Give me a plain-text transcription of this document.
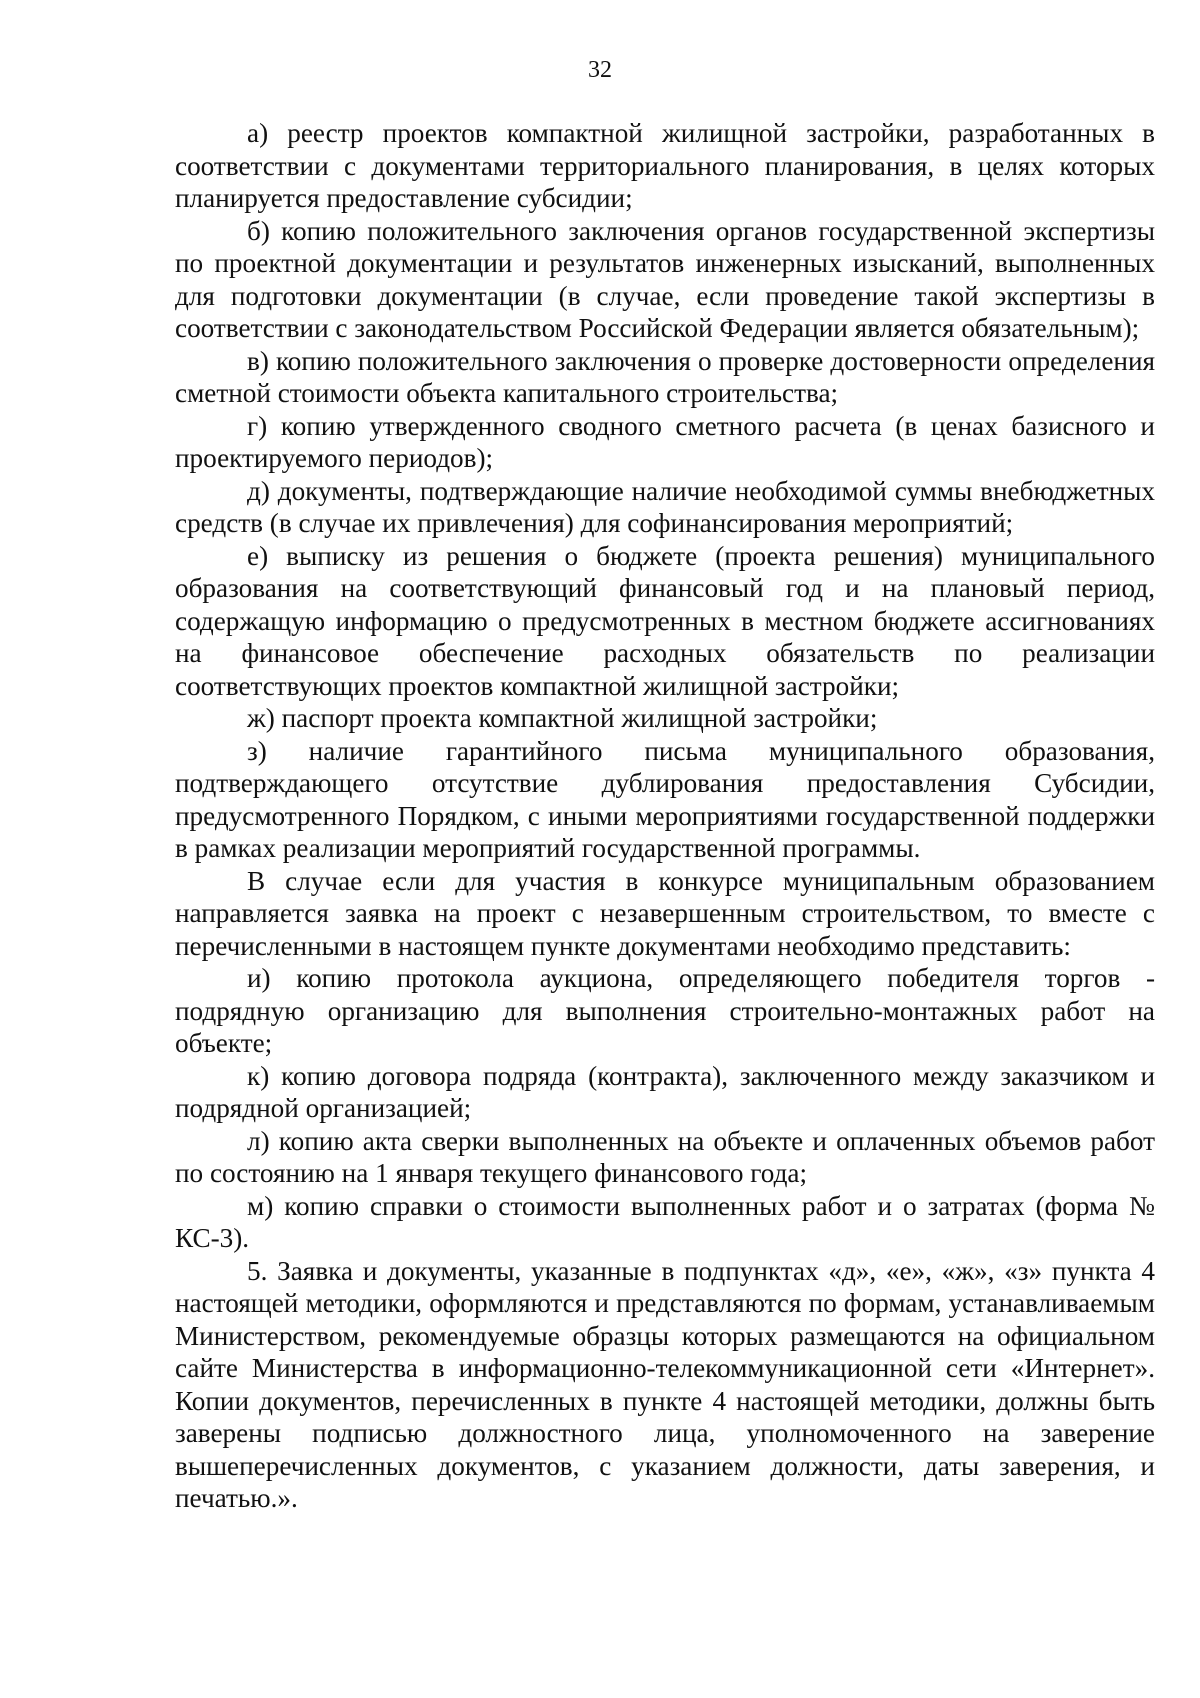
32

а) реестр проектов компактной жилищной застройки, разработанных в соответствии с документами территориального планирования, в целях которых планируется предоставление субсидии;

б) копию положительного заключения органов государственной экспертизы по проектной документации и результатов инженерных изысканий, выполненных для подготовки документации (в случае, если проведение такой экспертизы в соответствии с законодательством Российской Федерации является обязательным);

в) копию положительного заключения о проверке достоверности определения сметной стоимости объекта капитального строительства;

г) копию утвержденного сводного сметного расчета (в ценах базисного и проектируемого периодов);

д) документы, подтверждающие наличие необходимой суммы внебюджетных средств (в случае их привлечения) для софинансирования мероприятий;

е) выписку из решения о бюджете (проекта решения) муниципального образования на соответствующий финансовый год и на плановый период, содержащую информацию о предусмотренных в местном бюджете ассигнованиях на финансовое обеспечение расходных обязательств по реализации соответствующих проектов компактной жилищной застройки;

ж) паспорт проекта компактной жилищной застройки;

з) наличие гарантийного письма муниципального образования, подтверждающего отсутствие дублирования предоставления Субсидии, предусмотренного Порядком, с иными мероприятиями государственной поддержки в рамках реализации мероприятий государственной программы.

В случае если для участия в конкурсе муниципальным образованием направляется заявка на проект с незавершенным строительством, то вместе с перечисленными в настоящем пункте документами необходимо представить:

и) копию протокола аукциона, определяющего победителя торгов - подрядную организацию для выполнения строительно-монтажных работ на объекте;

к) копию договора подряда (контракта), заключенного между заказчиком и подрядной организацией;

л) копию акта сверки выполненных на объекте и оплаченных объемов работ по состоянию на 1 января текущего финансового года;

м) копию справки о стоимости выполненных работ и о затратах (форма № КС-3).

5. Заявка и документы, указанные в подпунктах «д», «е», «ж», «з» пункта 4 настоящей методики, оформляются и представляются по формам, устанавливаемым Министерством, рекомендуемые образцы которых размещаются на официальном сайте Министерства в информационно-телекоммуникационной сети «Интернет». Копии документов, перечисленных в пункте 4 настоящей методики, должны быть заверены подписью должностного лица, уполномоченного на заверение вышеперечисленных документов, с указанием должности, даты заверения, и печатью.».
